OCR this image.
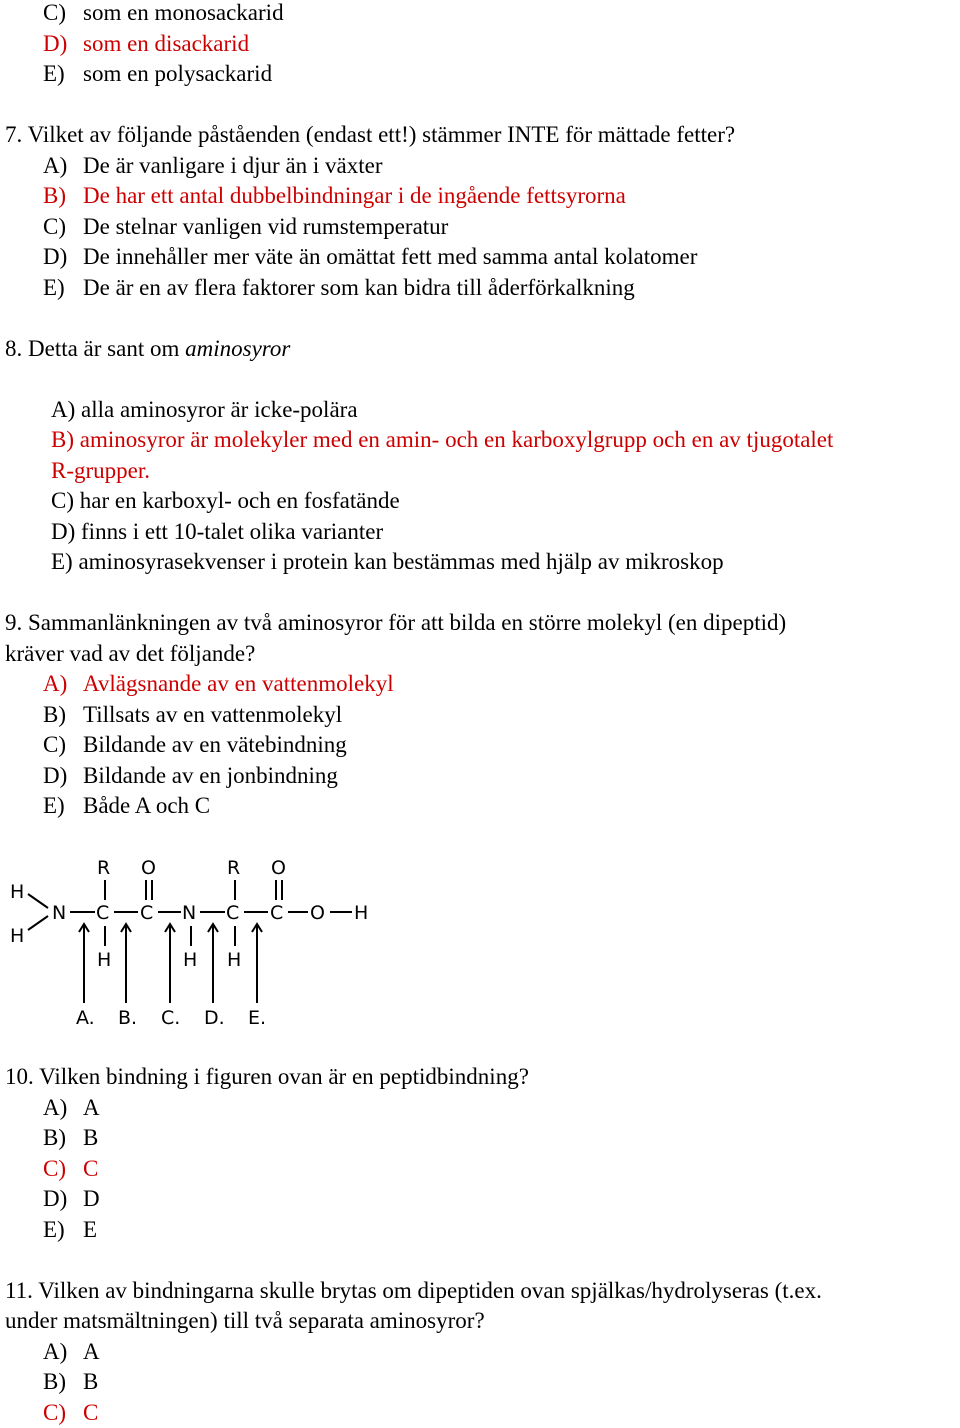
C) som en monosackarid
D) som en disackarid
E) som en polysackarid
7. Vilket av följande påståenden (endast ett!) stämmer INTE för mättade fetter?
A) De är vanligare i djur än i växter
B) De har ett antal dubbelbindningar i de ingående fettsyrorna
C) De stelnar vanligen vid rumstemperatur
D) De innehåller mer väte än omättat fett med samma antal kolatomer
E) De är en av flera faktorer som kan bidra till åderförkalkning
8. Detta är sant om aminosyror
A) alla aminosyror är icke-polära
B) aminosyror är molekyler med en amin- och en karboxylgrupp och en av tjugotalet
R-grupper.
C) har en karboxyl- och en fosfatände
D) finns i ett 10-talet olika varianter
E) aminosyrasekvenser i protein kan bestämmas med hjälp av mikroskop
9. Sammanlänkningen av två aminosyror för att bilda en större molekyl (en dipeptid)
kräver vad av det följande?
A) Avlägsnande av en vattenmolekyl
B) Tillsats av en vattenmolekyl
C) Bildande av en vätebindning
D) Bildande av en jonbindning
E) Både A och C
R O	R O
H
H
N C C N C C O H
H	H H
A. B. C. D. E.
10. Vilken bindning i figuren ovan är en peptidbindning?
A) A
B) B
C) C
D) D
E) E
11. Vilken av bindningarna skulle brytas om dipeptiden ovan spjälkas/hydrolyseras (t.ex.
under matsmältningen) till två separata aminosyror?
A) A
B) B
C) C
